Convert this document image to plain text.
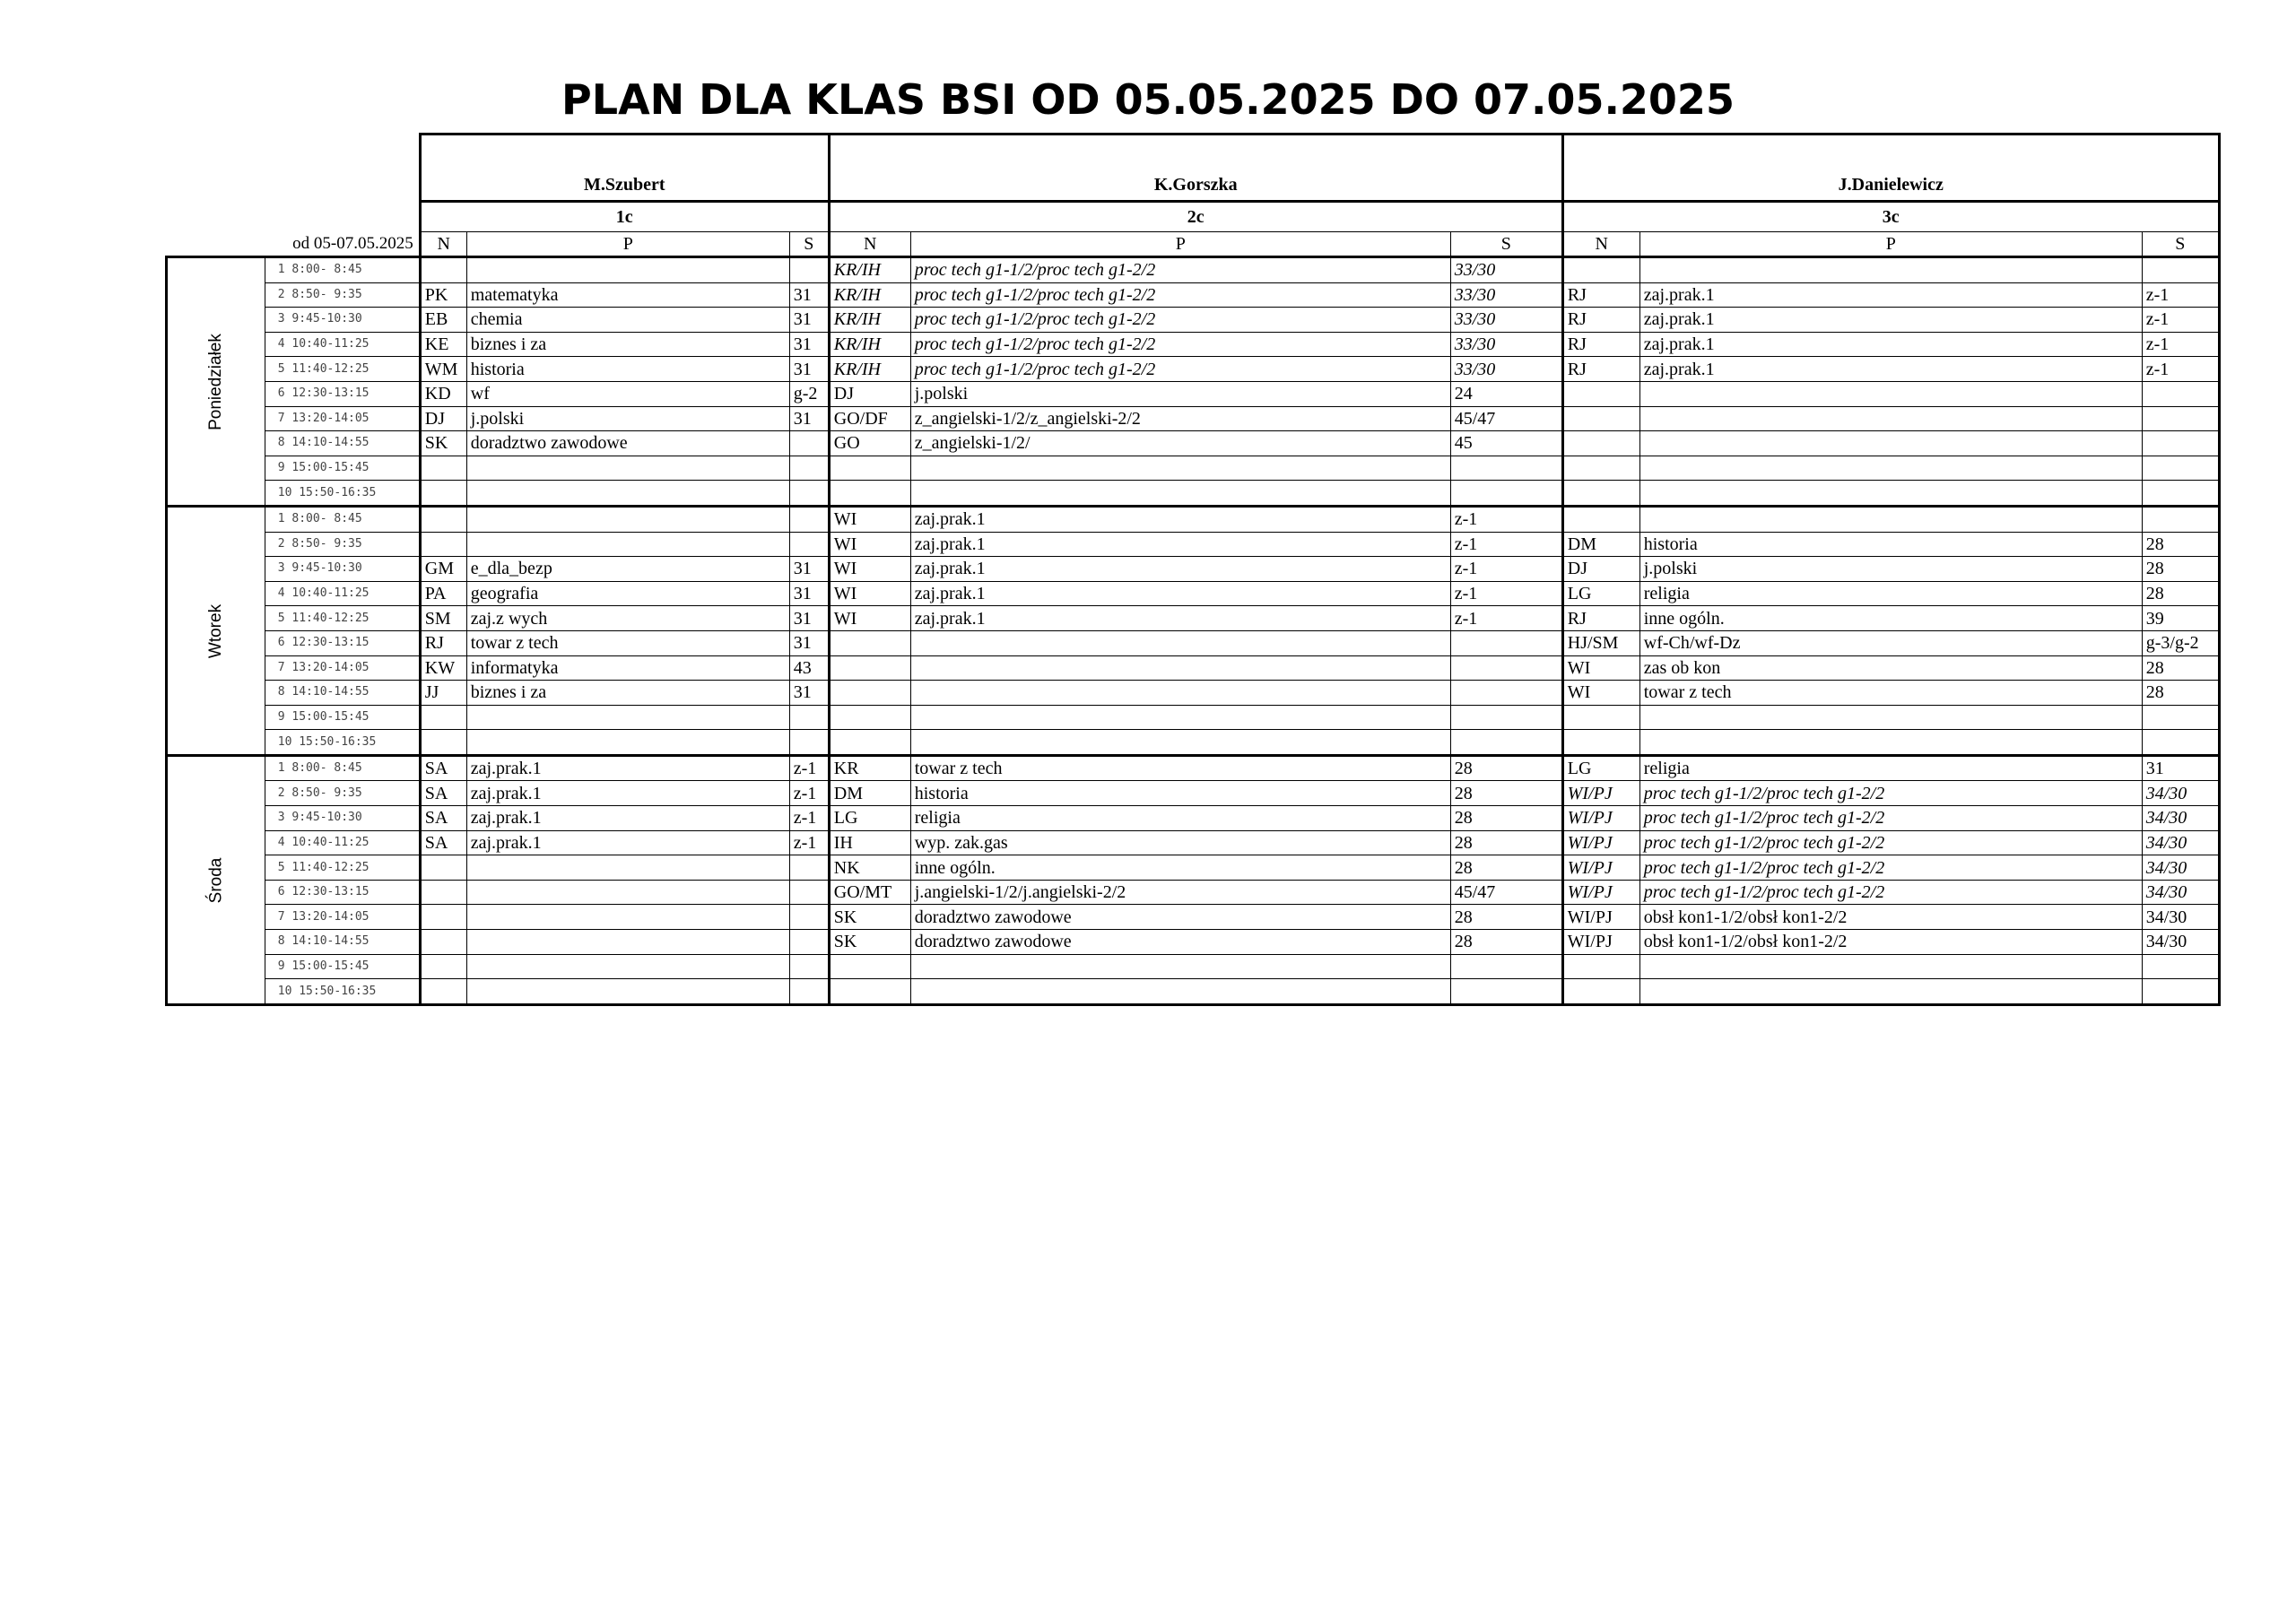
PLAN DLA KLAS BSI OD 05.05.2025 DO 07.05.2025
		M.Szubert			K.Gorszka			J.Danielewicz		
		1c			2c			3c		
od 05-07.05.2025		N	P	S	N	P	S	N	P	S
Poniedziałek	1 8:00- 8:45				KR/IH	proc tech g1-1/2/proc tech g1-2/2	33/30			
	2 8:50- 9:35	PK	matematyka	31	KR/IH	proc tech g1-1/2/proc tech g1-2/2	33/30	RJ	zaj.prak.1	z-1
	3 9:45-10:30	EB	chemia	31	KR/IH	proc tech g1-1/2/proc tech g1-2/2	33/30	RJ	zaj.prak.1	z-1
	4 10:40-11:25	KE	biznes i za	31	KR/IH	proc tech g1-1/2/proc tech g1-2/2	33/30	RJ	zaj.prak.1	z-1
	5 11:40-12:25	WM	historia	31	KR/IH	proc tech g1-1/2/proc tech g1-2/2	33/30	RJ	zaj.prak.1	z-1
	6 12:30-13:15	KD	wf	g-2	DJ	j.polski	24			
	7 13:20-14:05	DJ	j.polski	31	GO/DF	z_angielski-1/2/z_angielski-2/2	45/47			
	8 14:10-14:55	SK	doradztwo zawodowe		GO	z_angielski-1/2/	45			
	9 15:00-15:45									
	10 15:50-16:35									
Wtorek	1 8:00- 8:45				WI	zaj.prak.1	z-1			
	2 8:50- 9:35				WI	zaj.prak.1	z-1	DM	historia	28
	3 9:45-10:30	GM	e_dla_bezp	31	WI	zaj.prak.1	z-1	DJ	j.polski	28
	4 10:40-11:25	PA	geografia	31	WI	zaj.prak.1	z-1	LG	religia	28
	5 11:40-12:25	SM	zaj.z wych	31	WI	zaj.prak.1	z-1	RJ	inne ogóln.	39
	6 12:30-13:15	RJ	towar z tech	31				HJ/SM	wf-Ch/wf-Dz	g-3/g-2
	7 13:20-14:05	KW	informatyka	43				WI	zas ob kon	28
	8 14:10-14:55	JJ	biznes i za	31				WI	towar z tech	28
	9 15:00-15:45									
	10 15:50-16:35									
Środa	1 8:00- 8:45	SA	zaj.prak.1	z-1	KR	towar z tech	28	LG	religia	31
	2 8:50- 9:35	SA	zaj.prak.1	z-1	DM	historia	28	WI/PJ	proc tech g1-1/2/proc tech g1-2/2	34/30
	3 9:45-10:30	SA	zaj.prak.1	z-1	LG	religia	28	WI/PJ	proc tech g1-1/2/proc tech g1-2/2	34/30
	4 10:40-11:25	SA	zaj.prak.1	z-1	IH	wyp. zak.gas	28	WI/PJ	proc tech g1-1/2/proc tech g1-2/2	34/30
	5 11:40-12:25				NK	inne ogóln.	28	WI/PJ	proc tech g1-1/2/proc tech g1-2/2	34/30
	6 12:30-13:15				GO/MT	j.angielski-1/2/j.angielski-2/2	45/47	WI/PJ	proc tech g1-1/2/proc tech g1-2/2	34/30
	7 13:20-14:05				SK	doradztwo zawodowe	28	WI/PJ	obsł kon1-1/2/obsł kon1-2/2	34/30
	8 14:10-14:55				SK	doradztwo zawodowe	28	WI/PJ	obsł kon1-1/2/obsł kon1-2/2	34/30
	9 15:00-15:45									
	10 15:50-16:35									
